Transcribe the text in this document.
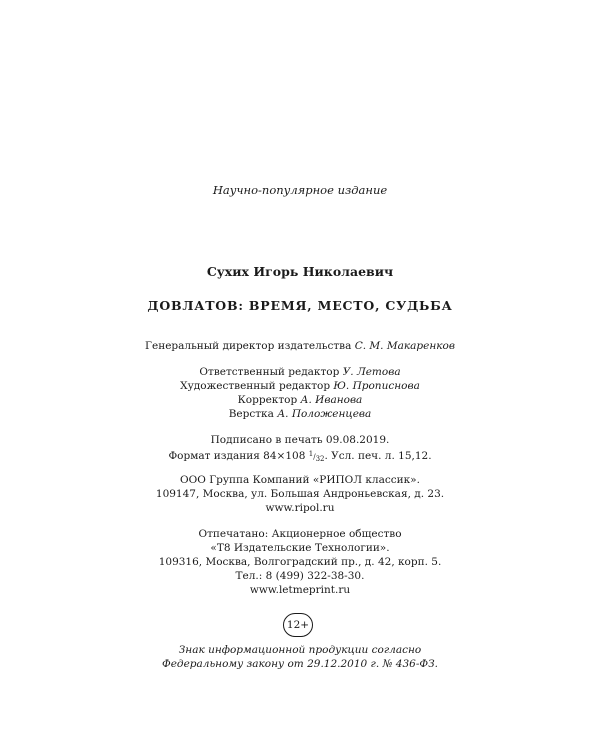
Научно-популярное издание
Сухих Игорь Николаевич
ДОВЛАТОВ: ВРЕМЯ, МЕСТО, СУДЬБА
Генеральный директор издательства С. М. Макаренков
Ответственный редактор У. Летова
Художественный редактор Ю. Прописнова
Корректор А. Иванова
Верстка А. Положенцева
Подписано в печать 09.08.2019.
Формат издания 84×108 1/32. Усл. печ. л. 15,12.
ООО Группа Компаний «РИПОЛ классик».
109147, Москва, ул. Большая Андроньевская, д. 23.
www.ripol.ru
Отпечатано: Акционерное общество
«Т8 Издательские Технологии».
109316, Москва, Волгоградский пр., д. 42, корп. 5.
Тел.: 8 (499) 322-38-30.
www.letmeprint.ru
12+
Знак информационной продукции согласно
Федеральному закону от 29.12.2010 г. № 436-ФЗ.
